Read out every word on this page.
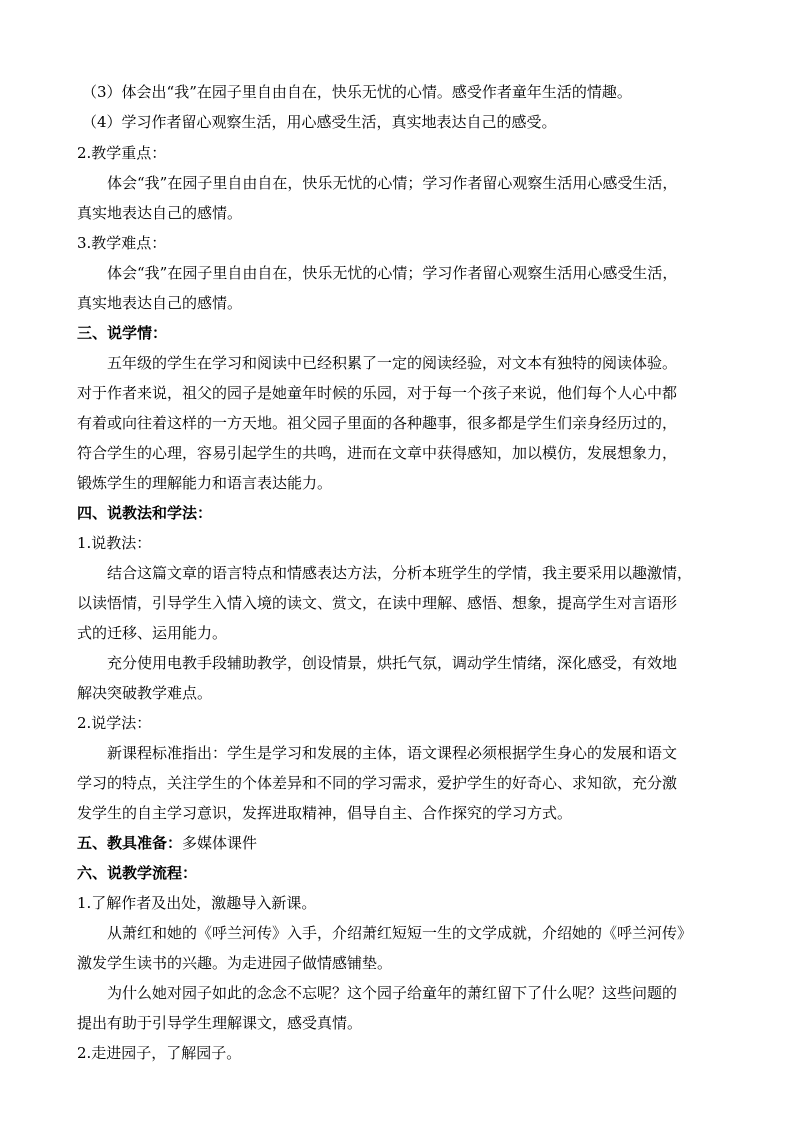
（3）体会出“我”在园子里自由自在，快乐无忧的心情。感受作者童年生活的情趣。

（4）学习作者留心观察生活，用心感受生活，真实地表达自己的感受。

2.教学重点：

体会“我”在园子里自由自在，快乐无忧的心情；学习作者留心观察生活用心感受生活，

真实地表达自己的感情。

3.教学难点：

体会“我”在园子里自由自在，快乐无忧的心情；学习作者留心观察生活用心感受生活，

真实地表达自己的感情。

三、说学情：

五年级的学生在学习和阅读中已经积累了一定的阅读经验，对文本有独特的阅读体验。

对于作者来说，祖父的园子是她童年时候的乐园，对于每一个孩子来说，他们每个人心中都

有着或向往着这样的一方天地。祖父园子里面的各种趣事，很多都是学生们亲身经历过的，

符合学生的心理，容易引起学生的共鸣，进而在文章中获得感知，加以模仿，发展想象力，

锻炼学生的理解能力和语言表达能力。

四、说教法和学法：

1.说教法：

结合这篇文章的语言特点和情感表达方法，分析本班学生的学情，我主要采用以趣激情，

以读悟情，引导学生入情入境的读文、赏文，在读中理解、感悟、想象，提高学生对言语形

式的迁移、运用能力。

充分使用电教手段辅助教学，创设情景，烘托气氛，调动学生情绪，深化感受，有效地

解决突破教学难点。

2.说学法：

新课程标准指出：学生是学习和发展的主体，语文课程必须根据学生身心的发展和语文

学习的特点，关注学生的个体差异和不同的学习需求，爱护学生的好奇心、求知欲，充分激

发学生的自主学习意识，发挥进取精神，倡导自主、合作探究的学习方式。

五、教具准备：多媒体课件

六、说教学流程：

1.了解作者及出处，激趣导入新课。

从萧红和她的《呼兰河传》入手，介绍萧红短短一生的文学成就，介绍她的《呼兰河传》

激发学生读书的兴趣。为走进园子做情感铺垫。

为什么她对园子如此的念念不忘呢？这个园子给童年的萧红留下了什么呢？这些问题的

提出有助于引导学生理解课文，感受真情。

2.走进园子，了解园子。
